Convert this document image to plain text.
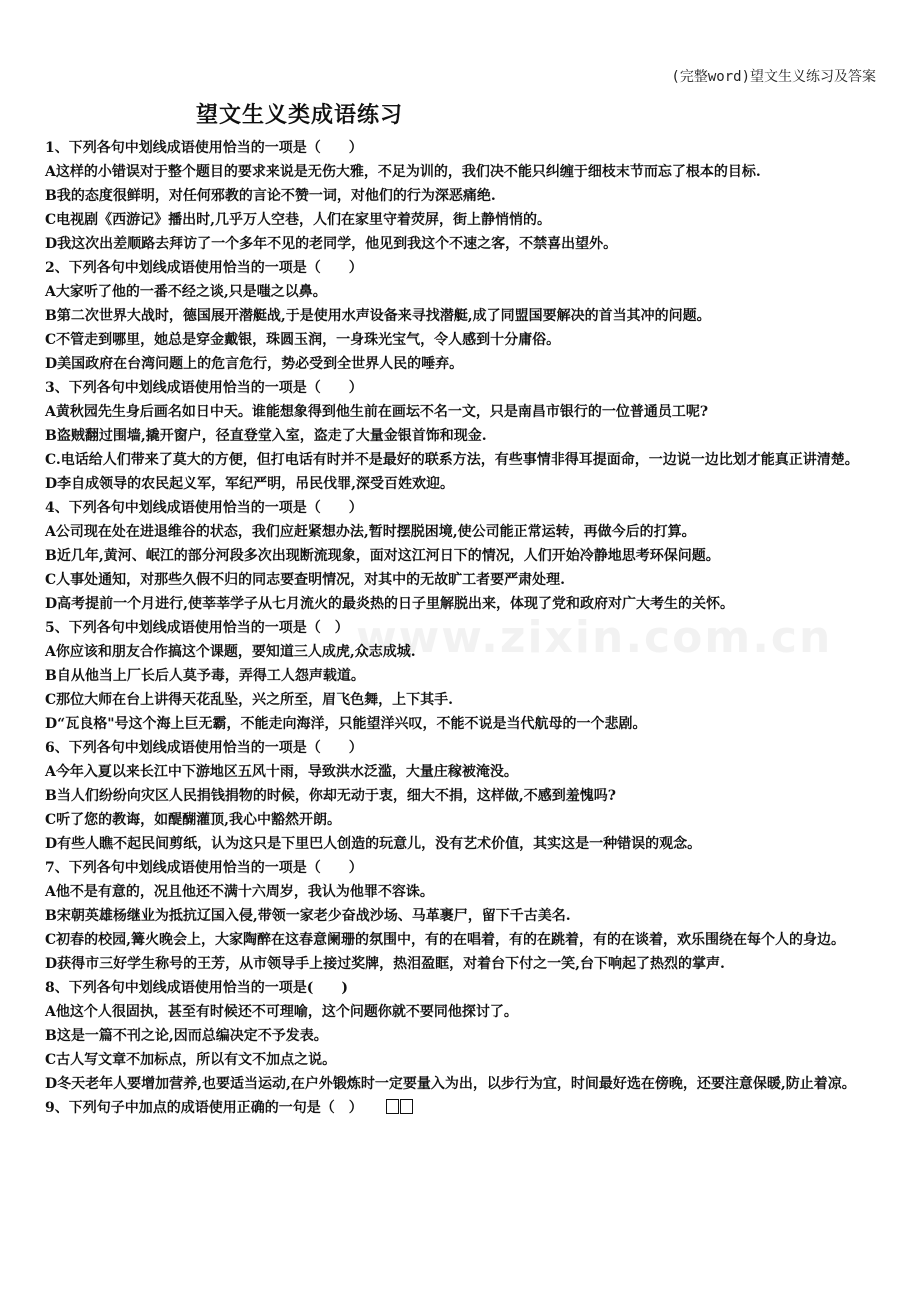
(完整word)望文生义练习及答案
望文生义类成语练习
www.zixin.com.cn

1、下列各句中划线成语使用恰当的一项是（　　）

A这样的小错误对于整个题目的要求来说是无伤大雅，不足为训的，我们决不能只纠缠于细枝末节而忘了根本的目标.

B我的态度很鲜明，对任何邪教的言论不赞一词，对他们的行为深恶痛绝.

C电视剧《西游记》播出时,几乎万人空巷，人们在家里守着荧屏，街上静悄悄的。

D我这次出差顺路去拜访了一个多年不见的老同学，他见到我这个不速之客，不禁喜出望外。

2、下列各句中划线成语使用恰当的一项是（　　）

A大家听了他的一番不经之谈,只是嗤之以鼻。

B第二次世界大战时，德国展开潜艇战,于是使用水声设备来寻找潜艇,成了同盟国要解决的首当其冲的问题。

C不管走到哪里，她总是穿金戴银，珠圆玉润，一身珠光宝气，令人感到十分庸俗。

D美国政府在台湾问题上的危言危行，势必受到全世界人民的唾弃。

3、下列各句中划线成语使用恰当的一项是（　　）

A黄秋园先生身后画名如日中天。谁能想象得到他生前在画坛不名一文，只是南昌市银行的一位普通员工呢?

B盗贼翻过围墙,撬开窗户，径直登堂入室，盗走了大量金银首饰和现金.

C.电话给人们带来了莫大的方便，但打电话有时并不是最好的联系方法，有些事情非得耳提面命，一边说一边比划才能真正讲清楚。

D李自成领导的农民起义军，军纪严明，吊民伐罪,深受百姓欢迎。

4、下列各句中划线成语使用恰当的一项是（　　）

A公司现在处在进退维谷的状态，我们应赶紧想办法,暂时摆脱困境,使公司能正常运转，再做今后的打算。

B近几年,黄河、岷江的部分河段多次出现断流现象，面对这江河日下的情况，人们开始冷静地思考环保问题。

C人事处通知，对那些久假不归的同志要查明情况，对其中的无故旷工者要严肃处理.

D高考提前一个月进行,使莘莘学子从七月流火的最炎热的日子里解脱出来，体现了党和政府对广大考生的关怀。

5、下列各句中划线成语使用恰当的一项是（　）

A你应该和朋友合作搞这个课题，要知道三人成虎,众志成城.

B自从他当上厂长后人莫予毒，弄得工人怨声载道。

C那位大师在台上讲得天花乱坠，兴之所至，眉飞色舞，上下其手.

D“瓦良格"号这个海上巨无霸，不能走向海洋，只能望洋兴叹，不能不说是当代航母的一个悲剧。

6、下列各句中划线成语使用恰当的一项是（　　）

A今年入夏以来长江中下游地区五风十雨，导致洪水泛滥，大量庄稼被淹没。

B当人们纷纷向灾区人民捐钱捐物的时候，你却无动于衷，细大不捐，这样做,不感到羞愧吗?

C听了您的教诲，如醍醐灌顶,我心中豁然开朗。

D有些人瞧不起民间剪纸，认为这只是下里巴人创造的玩意儿，没有艺术价值，其实这是一种错误的观念。

7、下列各句中划线成语使用恰当的一项是（　　）

A他不是有意的，况且他还不满十六周岁，我认为他罪不容诛。

B宋朝英雄杨继业为抵抗辽国入侵,带领一家老少奋战沙场、马革裹尸，留下千古美名.

C初春的校园,篝火晚会上，大家陶醉在这春意阑珊的氛围中，有的在唱着，有的在跳着，有的在谈着，欢乐围绕在每个人的身边。

D获得市三好学生称号的王芳，从市领导手上接过奖牌，热泪盈眶，对着台下付之一笑,台下响起了热烈的掌声.

8、下列各句中划线成语使用恰当的一项是(　　)

A他这个人很固执，甚至有时候还不可理喻，这个问题你就不要同他探讨了。

B这是一篇不刊之论,因而总编决定不予发表。

C古人写文章不加标点，所以有文不加点之说。

D冬天老年人要增加营养,也要适当运动,在户外锻炼时一定要量入为出，以步行为宜，时间最好选在傍晚，还要注意保暖,防止着凉。

9、下列句子中加点的成语使用正确的一句是（　）
